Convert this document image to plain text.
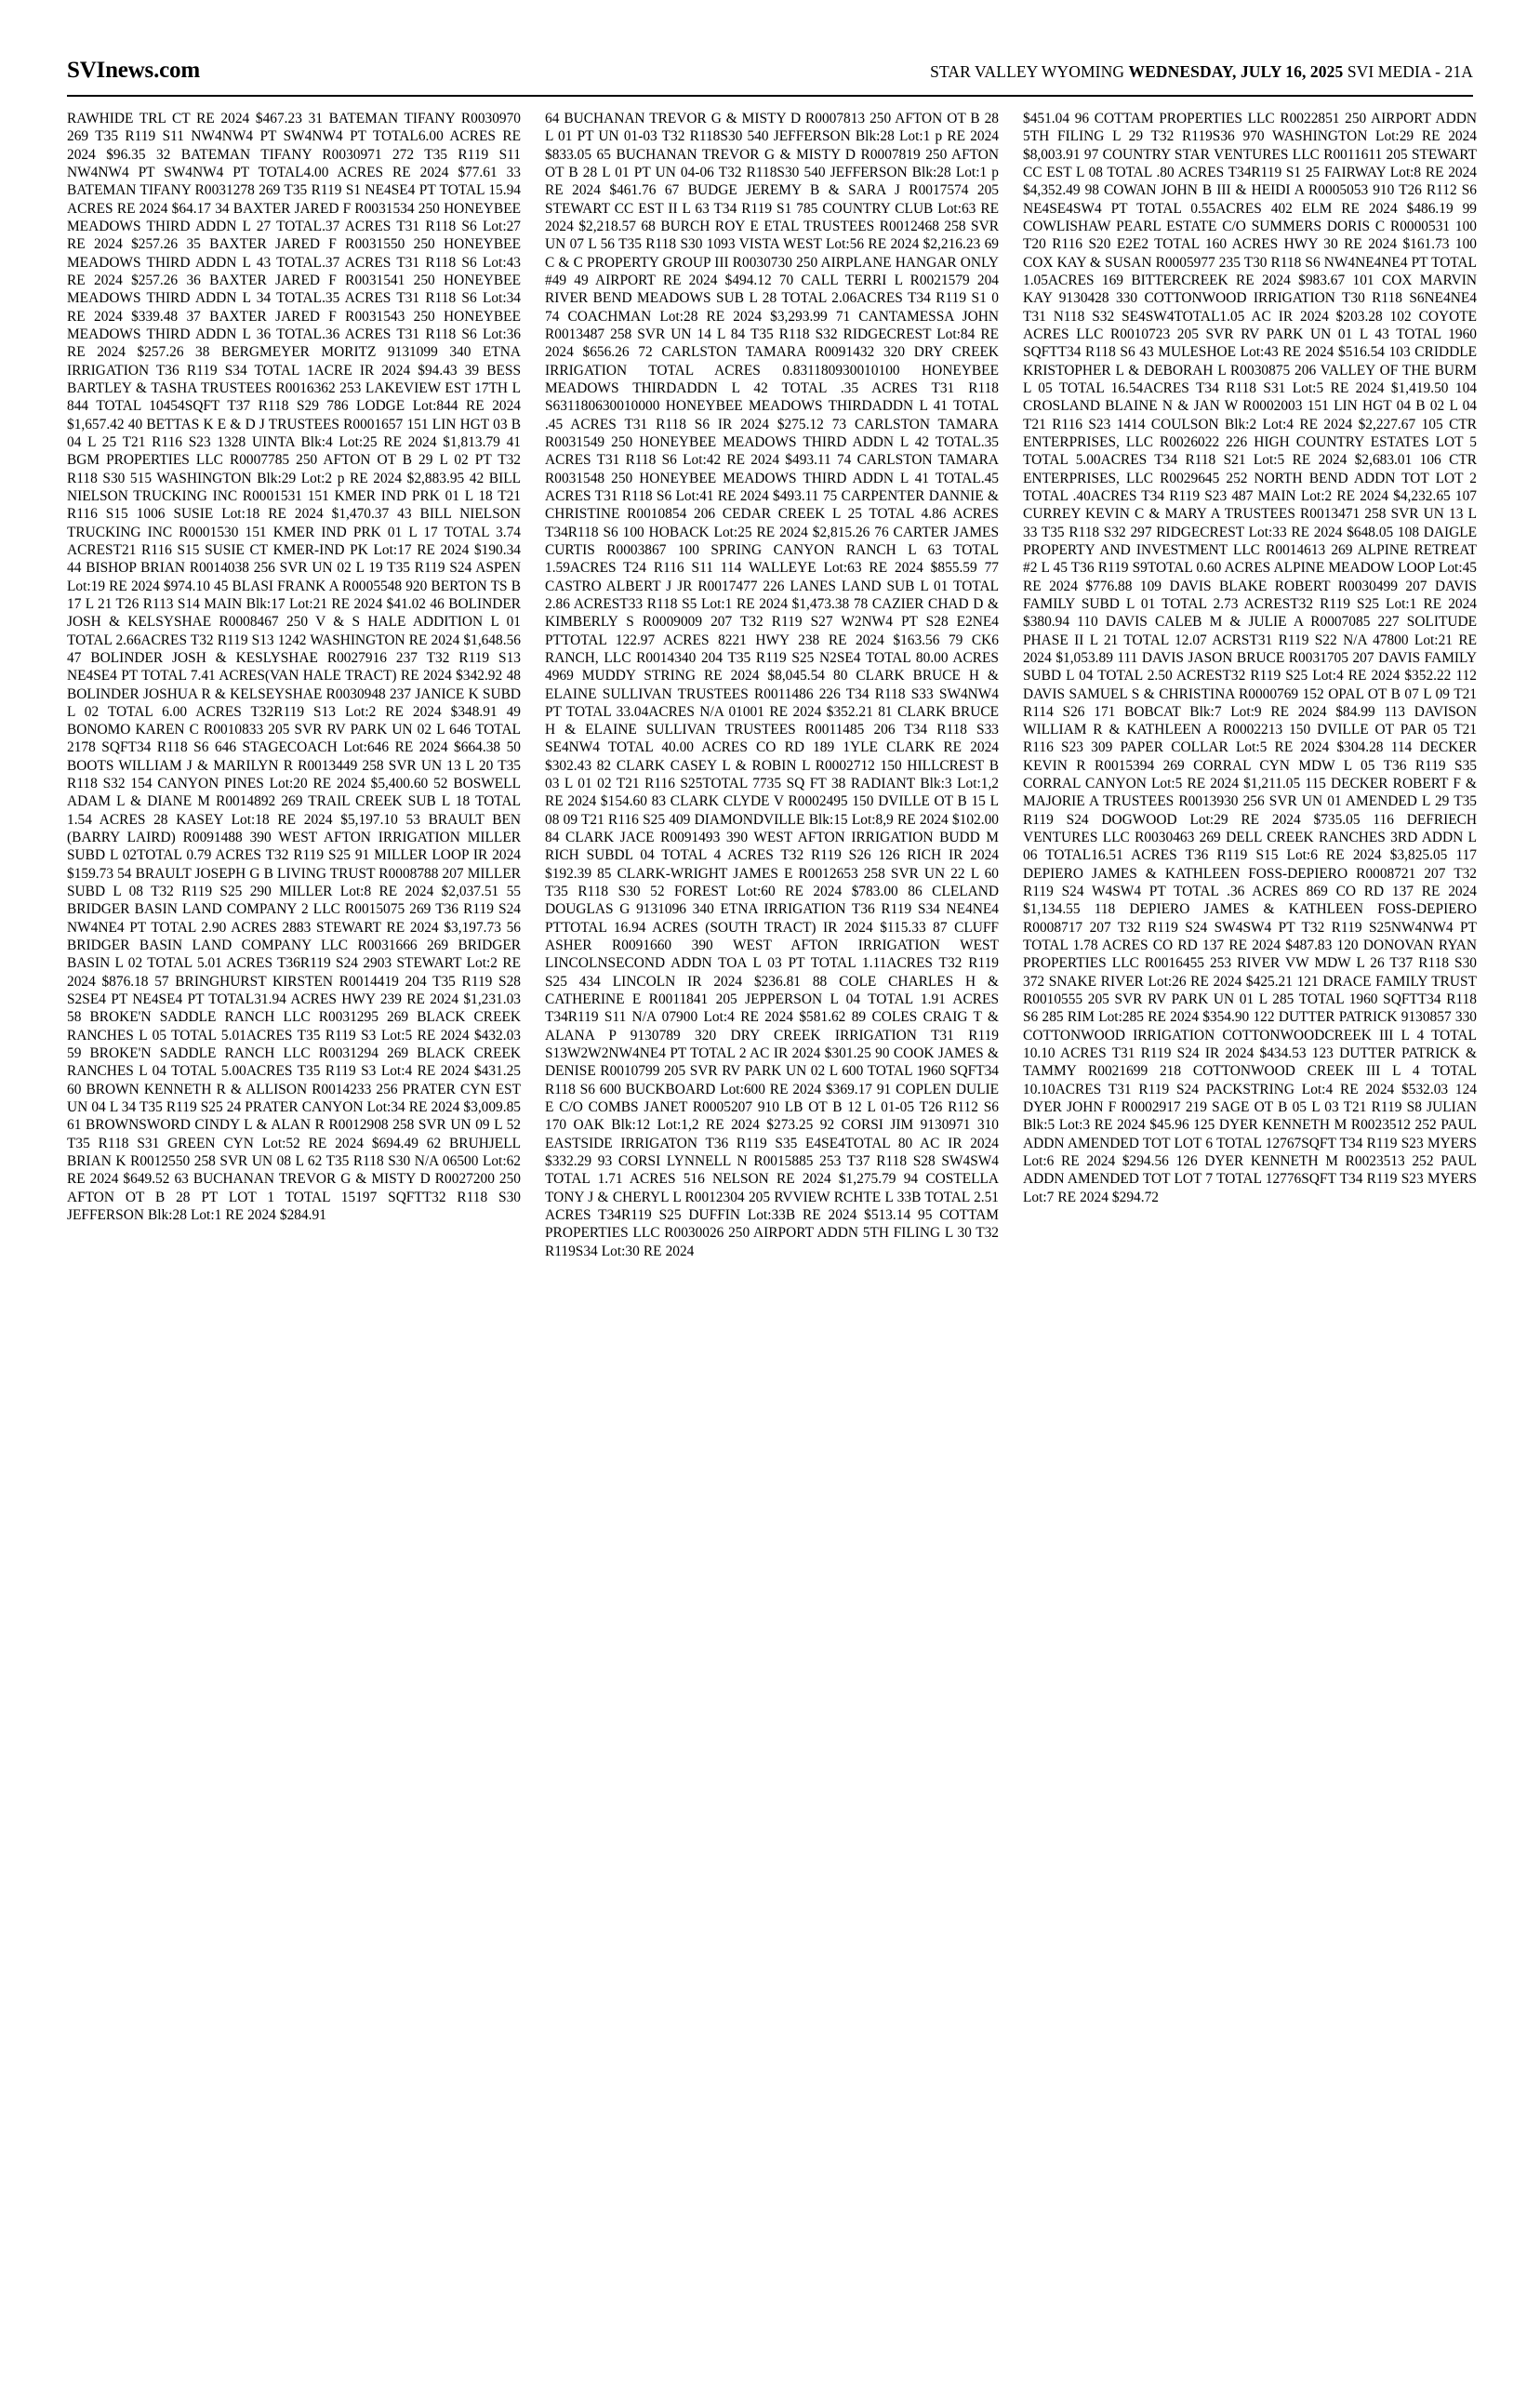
SVInews.com	STAR VALLEY WYOMING WEDNESDAY, JULY 16, 2025 SVI MEDIA - 21A

RAWHIDE TRL CT RE 2024 $467.23 31 BATEMAN TIFANY R0030970 269 T35 R119 S11 NW4NW4 PT SW4NW4 PT TOTAL6.00 ACRES RE 2024 $96.35 32 BATEMAN TIFANY R0030971 272 T35 R119 S11 NW4NW4 PT SW4NW4 PT TOTAL4.00 ACRES RE 2024 $77.61 33 BATEMAN TIFANY R0031278 269 T35 R119 S1 NE4SE4 PT TOTAL 15.94 ACRES RE 2024 $64.17 34 BAXTER JARED F R0031534 250 HONEYBEE MEADOWS THIRD ADDN L 27 TOTAL.37 ACRES T31 R118 S6 Lot:27 RE 2024 $257.26 35 BAXTER JARED F R0031550 250 HONEYBEE MEADOWS THIRD ADDN L 43 TOTAL.37 ACRES T31 R118 S6 Lot:43 RE 2024 $257.26 36 BAXTER JARED F R0031541 250 HONEYBEE MEADOWS THIRD ADDN L 34 TOTAL.35 ACRES T31 R118 S6 Lot:34 RE 2024 $339.48 37 BAXTER JARED F R0031543 250 HONEYBEE MEADOWS THIRD ADDN L 36 TOTAL.36 ACRES T31 R118 S6 Lot:36 RE 2024 $257.26 38 BERGMEYER MORITZ 9131099 340 ETNA IRRIGATION T36 R119 S34 TOTAL 1ACRE IR 2024 $94.43 39 BESS BARTLEY & TASHA TRUSTEES R0016362 253 LAKEVIEW EST 17TH L 844 TOTAL 10454SQFT T37 R118 S29 786 LODGE Lot:844 RE 2024 $1,657.42 40 BETTAS K E & D J TRUSTEES R0001657 151 LIN HGT 03 B 04 L 25 T21 R116 S23 1328 UINTA Blk:4 Lot:25 RE 2024 $1,813.79 41 BGM PROPERTIES LLC R0007785 250 AFTON OT B 29 L 02 PT T32 R118 S30 515 WASHINGTON Blk:29 Lot:2 p RE 2024 $2,883.95 42 BILL NIELSON TRUCKING INC R0001531 151 KMER IND PRK 01 L 18 T21 R116 S15 1006 SUSIE Lot:18 RE 2024 $1,470.37 43 BILL NIELSON TRUCKING INC R0001530 151 KMER IND PRK 01 L 17 TOTAL 3.74 ACREST21 R116 S15 SUSIE CT KMER-IND PK Lot:17 RE 2024 $190.34 44 BISHOP BRIAN R0014038 256 SVR UN 02 L 19 T35 R119 S24 ASPEN Lot:19 RE 2024 $974.10 45 BLASI FRANK A R0005548 920 BERTON TS B 17 L 21 T26 R113 S14 MAIN Blk:17 Lot:21 RE 2024 $41.02 46 BOLINDER JOSH & KELSYSHAE R0008467 250 V & S HALE ADDITION L 01 TOTAL 2.66ACRES T32 R119 S13 1242 WASHINGTON RE 2024 $1,648.56 47 BOLINDER JOSH & KESLYSHAE R0027916 237 T32 R119 S13 NE4SE4 PT TOTAL 7.41 ACRES(VAN HALE TRACT) RE 2024 $342.92 48 BOLINDER JOSHUA R & KELSEYSHAE R0030948 237 JANICE K SUBD L 02 TOTAL 6.00 ACRES T32R119 S13 Lot:2 RE 2024 $348.91 49 BONOMO KAREN C R0010833 205 SVR RV PARK UN 02 L 646 TOTAL 2178 SQFT34 R118 S6 646 STAGECOACH Lot:646 RE 2024 $664.38 50 BOOTS WILLIAM J & MARILYN R R0013449 258 SVR UN 13 L 20 T35 R118 S32 154 CANYON PINES Lot:20 RE 2024 $5,400.60 52 BOSWELL ADAM L & DIANE M R0014892 269 TRAIL CREEK SUB L 18 TOTAL 1.54 ACRES 28 KASEY Lot:18 RE 2024 $5,197.10 53 BRAULT BEN (BARRY LAIRD) R0091488 390 WEST AFTON IRRIGATION MILLER SUBD L 02TOTAL 0.79 ACRES T32 R119 S25 91 MILLER LOOP IR 2024 $159.73 54 BRAULT JOSEPH G B LIVING TRUST R0008788 207 MILLER SUBD L 08 T32 R119 S25 290 MILLER Lot:8 RE 2024 $2,037.51 55 BRIDGER BASIN LAND COMPANY 2 LLC R0015075 269 T36 R119 S24 NW4NE4 PT TOTAL 2.90 ACRES 2883 STEWART RE 2024 $3,197.73 56 BRIDGER BASIN LAND COMPANY LLC R0031666 269 BRIDGER BASIN L 02 TOTAL 5.01 ACRES T36R119 S24 2903 STEWART Lot:2 RE 2024 $876.18 57 BRINGHURST KIRSTEN R0014419 204 T35 R119 S28 S2SE4 PT NE4SE4 PT TOTAL31.94 ACRES HWY 239 RE 2024 $1,231.03 58 BROKE'N SADDLE RANCH LLC R0031295 269 BLACK CREEK RANCHES L 05 TOTAL 5.01ACRES T35 R119 S3 Lot:5 RE 2024 $432.03 59 BROKE'N SADDLE RANCH LLC R0031294 269 BLACK CREEK RANCHES L 04 TOTAL 5.00ACRES T35 R119 S3 Lot:4 RE 2024 $431.25 60 BROWN KENNETH R & ALLISON R0014233 256 PRATER CYN EST UN 04 L 34 T35 R119 S25 24 PRATER CANYON Lot:34 RE 2024 $3,009.85 61 BROWNSWORD CINDY L & ALAN R R0012908 258 SVR UN 09 L 52 T35 R118 S31 GREEN CYN Lot:52 RE 2024 $694.49 62 BRUHJELL BRIAN K R0012550 258 SVR UN 08 L 62 T35 R118 S30 N/A 06500 Lot:62 RE 2024 $649.52 63 BUCHANAN TREVOR G & MISTY D R0027200 250 AFTON OT B 28 PT LOT 1 TOTAL 15197 SQFTT32 R118 S30 JEFFERSON Blk:28 Lot:1 RE 2024 $284.91

64 BUCHANAN TREVOR G & MISTY D R0007813 250 AFTON OT B 28 L 01 PT UN 01-03 T32 R118S30 540 JEFFERSON Blk:28 Lot:1 p RE 2024 $833.05 65 BUCHANAN TREVOR G & MISTY D R0007819 250 AFTON OT B 28 L 01 PT UN 04-06 T32 R118S30 540 JEFFERSON Blk:28 Lot:1 p RE 2024 $461.76 67 BUDGE JEREMY B & SARA J R0017574 205 STEWART CC EST II L 63 T34 R119 S1 785 COUNTRY CLUB Lot:63 RE 2024 $2,218.57 68 BURCH ROY E ETAL TRUSTEES R0012468 258 SVR UN 07 L 56 T35 R118 S30 1093 VISTA WEST Lot:56 RE 2024 $2,216.23 69 C & C PROPERTY GROUP III R0030730 250 AIRPLANE HANGAR ONLY #49 49 AIRPORT RE 2024 $494.12 70 CALL TERRI L R0021579 204 RIVER BEND MEADOWS SUB L 28 TOTAL 2.06ACRES T34 R119 S1 0 74 COACHMAN Lot:28 RE 2024 $3,293.99 71 CANTAMESSA JOHN R0013487 258 SVR UN 14 L 84 T35 R118 S32 RIDGECREST Lot:84 RE 2024 $656.26 72 CARLSTON TAMARA R0091432 320 DRY CREEK IRRIGATION TOTAL ACRES 0.831180930010100 HONEYBEE MEADOWS THIRDADDN L 42 TOTAL .35 ACRES T31 R118 S631180630010000 HONEYBEE MEADOWS THIRDADDN L 41 TOTAL .45 ACRES T31 R118 S6 IR 2024 $275.12 73 CARLSTON TAMARA R0031549 250 HONEYBEE MEADOWS THIRD ADDN L 42 TOTAL.35 ACRES T31 R118 S6 Lot:42 RE 2024 $493.11 74 CARLSTON TAMARA R0031548 250 HONEYBEE MEADOWS THIRD ADDN L 41 TOTAL.45 ACRES T31 R118 S6 Lot:41 RE 2024 $493.11 75 CARPENTER DANNIE & CHRISTINE R0010854 206 CEDAR CREEK L 25 TOTAL 4.86 ACRES T34R118 S6 100 HOBACK Lot:25 RE 2024 $2,815.26 76 CARTER JAMES CURTIS R0003867 100 SPRING CANYON RANCH L 63 TOTAL 1.59ACRES T24 R116 S11 114 WALLEYE Lot:63 RE 2024 $855.59 77 CASTRO ALBERT J JR R0017477 226 LANES LAND SUB L 01 TOTAL 2.86 ACREST33 R118 S5 Lot:1 RE 2024 $1,473.38 78 CAZIER CHAD D & KIMBERLY S R0009009 207 T32 R119 S27 W2NW4 PT S28 E2NE4 PTTOTAL 122.97 ACRES 8221 HWY 238 RE 2024 $163.56 79 CK6 RANCH, LLC R0014340 204 T35 R119 S25 N2SE4 TOTAL 80.00 ACRES 4969 MUDDY STRING RE 2024 $8,045.54 80 CLARK BRUCE H & ELAINE SULLIVAN TRUSTEES R0011486 226 T34 R118 S33 SW4NW4 PT TOTAL 33.04ACRES N/A 01001 RE 2024 $352.21 81 CLARK BRUCE H & ELAINE SULLIVAN TRUSTEES R0011485 206 T34 R118 S33 SE4NW4 TOTAL 40.00 ACRES CO RD 189 1YLE CLARK RE 2024 $302.43 82 CLARK CASEY L & ROBIN L R0002712 150 HILLCREST B 03 L 01 02 T21 R116 S25TOTAL 7735 SQ FT 38 RADIANT Blk:3 Lot:1,2 RE 2024 $154.60 83 CLARK CLYDE V R0002495 150 DVILLE OT B 15 L 08 09 T21 R116 S25 409 DIAMONDVILLE Blk:15 Lot:8,9 RE 2024 $102.00 84 CLARK JACE R0091493 390 WEST AFTON IRRIGATION BUDD M RICH SUBDL 04 TOTAL 4 ACRES T32 R119 S26 126 RICH IR 2024 $192.39 85 CLARK-WRIGHT JAMES E R0012653 258 SVR UN 22 L 60 T35 R118 S30 52 FOREST Lot:60 RE 2024 $783.00 86 CLELAND DOUGLAS G 9131096 340 ETNA IRRIGATION T36 R119 S34 NE4NE4 PTTOTAL 16.94 ACRES (SOUTH TRACT) IR 2024 $115.33 87 CLUFF ASHER R0091660 390 WEST AFTON IRRIGATION WEST LINCOLNSECOND ADDN TOA L 03 PT TOTAL 1.11ACRES T32 R119 S25 434 LINCOLN IR 2024 $236.81 88 COLE CHARLES H & CATHERINE E R0011841 205 JEPPERSON L 04 TOTAL 1.91 ACRES T34R119 S11 N/A 07900 Lot:4 RE 2024 $581.62 89 COLES CRAIG T & ALANA P 9130789 320 DRY CREEK IRRIGATION T31 R119 S13W2W2NW4NE4 PT TOTAL 2 AC IR 2024 $301.25 90 COOK JAMES & DENISE R0010799 205 SVR RV PARK UN 02 L 600 TOTAL 1960 SQFT34 R118 S6 600 BUCKBOARD Lot:600 RE 2024 $369.17 91 COPLEN DULIE E C/O COMBS JANET R0005207 910 LB OT B 12 L 01-05 T26 R112 S6 170 OAK Blk:12 Lot:1,2 RE 2024 $273.25 92 CORSI JIM 9130971 310 EASTSIDE IRRIGATON T36 R119 S35 E4SE4TOTAL 80 AC IR 2024 $332.29 93 CORSI LYNNELL N R0015885 253 T37 R118 S28 SW4SW4 TOTAL 1.71 ACRES 516 NELSON RE 2024 $1,275.79 94 COSTELLA TONY J & CHERYL L R0012304 205 RVVIEW RCHTE L 33B TOTAL 2.51 ACRES T34R119 S25 DUFFIN Lot:33B RE 2024 $513.14 95 COTTAM PROPERTIES LLC R0030026 250 AIRPORT ADDN 5TH FILING L 30 T32 R119S34 Lot:30 RE 2024

$451.04 96 COTTAM PROPERTIES LLC R0022851 250 AIRPORT ADDN 5TH FILING L 29 T32 R119S36 970 WASHINGTON Lot:29 RE 2024 $8,003.91 97 COUNTRY STAR VENTURES LLC R0011611 205 STEWART CC EST L 08 TOTAL .80 ACRES T34R119 S1 25 FAIRWAY Lot:8 RE 2024 $4,352.49 98 COWAN JOHN B III & HEIDI A R0005053 910 T26 R112 S6 NE4SE4SW4 PT TOTAL 0.55ACRES 402 ELM RE 2024 $486.19 99 COWLISHAW PEARL ESTATE C/O SUMMERS DORIS C R0000531 100 T20 R116 S20 E2E2 TOTAL 160 ACRES HWY 30 RE 2024 $161.73 100 COX KAY & SUSAN R0005977 235 T30 R118 S6 NW4NE4NE4 PT TOTAL 1.05ACRES 169 BITTERCREEK RE 2024 $983.67 101 COX MARVIN KAY 9130428 330 COTTONWOOD IRRIGATION T30 R118 S6NE4NE4 T31 N118 S32 SE4SW4TOTAL1.05 AC IR 2024 $203.28 102 COYOTE ACRES LLC R0010723 205 SVR RV PARK UN 01 L 43 TOTAL 1960 SQFTT34 R118 S6 43 MULESHOE Lot:43 RE 2024 $516.54 103 CRIDDLE KRISTOPHER L & DEBORAH L R0030875 206 VALLEY OF THE BURM L 05 TOTAL 16.54ACRES T34 R118 S31 Lot:5 RE 2024 $1,419.50 104 CROSLAND BLAINE N & JAN W R0002003 151 LIN HGT 04 B 02 L 04 T21 R116 S23 1414 COULSON Blk:2 Lot:4 RE 2024 $2,227.67 105 CTR ENTERPRISES, LLC R0026022 226 HIGH COUNTRY ESTATES LOT 5 TOTAL 5.00ACRES T34 R118 S21 Lot:5 RE 2024 $2,683.01 106 CTR ENTERPRISES, LLC R0029645 252 NORTH BEND ADDN TOT LOT 2 TOTAL .40ACRES T34 R119 S23 487 MAIN Lot:2 RE 2024 $4,232.65 107 CURREY KEVIN C & MARY A TRUSTEES R0013471 258 SVR UN 13 L 33 T35 R118 S32 297 RIDGECREST Lot:33 RE 2024 $648.05 108 DAIGLE PROPERTY AND INVESTMENT LLC R0014613 269 ALPINE RETREAT #2 L 45 T36 R119 S9TOTAL 0.60 ACRES ALPINE MEADOW LOOP Lot:45 RE 2024 $776.88 109 DAVIS BLAKE ROBERT R0030499 207 DAVIS FAMILY SUBD L 01 TOTAL 2.73 ACREST32 R119 S25 Lot:1 RE 2024 $380.94 110 DAVIS CALEB M & JULIE A R0007085 227 SOLITUDE PHASE II L 21 TOTAL 12.07 ACRST31 R119 S22 N/A 47800 Lot:21 RE 2024 $1,053.89 111 DAVIS JASON BRUCE R0031705 207 DAVIS FAMILY SUBD L 04 TOTAL 2.50 ACREST32 R119 S25 Lot:4 RE 2024 $352.22 112 DAVIS SAMUEL S & CHRISTINA R0000769 152 OPAL OT B 07 L 09 T21 R114 S26 171 BOBCAT Blk:7 Lot:9 RE 2024 $84.99 113 DAVISON WILLIAM R & KATHLEEN A R0002213 150 DVILLE OT PAR 05 T21 R116 S23 309 PAPER COLLAR Lot:5 RE 2024 $304.28 114 DECKER KEVIN R R0015394 269 CORRAL CYN MDW L 05 T36 R119 S35 CORRAL CANYON Lot:5 RE 2024 $1,211.05 115 DECKER ROBERT F & MAJORIE A TRUSTEES R0013930 256 SVR UN 01 AMENDED L 29 T35 R119 S24 DOGWOOD Lot:29 RE 2024 $735.05 116 DEFRIECH VENTURES LLC R0030463 269 DELL CREEK RANCHES 3RD ADDN L 06 TOTAL16.51 ACRES T36 R119 S15 Lot:6 RE 2024 $3,825.05 117 DEPIERO JAMES & KATHLEEN FOSS-DEPIERO R0008721 207 T32 R119 S24 W4SW4 PT TOTAL .36 ACRES 869 CO RD 137 RE 2024 $1,134.55 118 DEPIERO JAMES & KATHLEEN FOSS-DEPIERO R0008717 207 T32 R119 S24 SW4SW4 PT T32 R119 S25NW4NW4 PT TOTAL 1.78 ACRES CO RD 137 RE 2024 $487.83 120 DONOVAN RYAN PROPERTIES LLC R0016455 253 RIVER VW MDW L 26 T37 R118 S30 372 SNAKE RIVER Lot:26 RE 2024 $425.21 121 DRACE FAMILY TRUST R0010555 205 SVR RV PARK UN 01 L 285 TOTAL 1960 SQFTT34 R118 S6 285 RIM Lot:285 RE 2024 $354.90 122 DUTTER PATRICK 9130857 330 COTTONWOOD IRRIGATION COTTONWOODCREEK III L 4 TOTAL 10.10 ACRES T31 R119 S24 IR 2024 $434.53 123 DUTTER PATRICK & TAMMY R0021699 218 COTTONWOOD CREEK III L 4 TOTAL 10.10ACRES T31 R119 S24 PACKSTRING Lot:4 RE 2024 $532.03 124 DYER JOHN F R0002917 219 SAGE OT B 05 L 03 T21 R119 S8 JULIAN Blk:5 Lot:3 RE 2024 $45.96 125 DYER KENNETH M R0023512 252 PAUL ADDN AMENDED TOT LOT 6 TOTAL 12767SQFT T34 R119 S23 MYERS Lot:6 RE 2024 $294.56 126 DYER KENNETH M R0023513 252 PAUL ADDN AMENDED TOT LOT 7 TOTAL 12776SQFT T34 R119 S23 MYERS Lot:7 RE 2024 $294.72
